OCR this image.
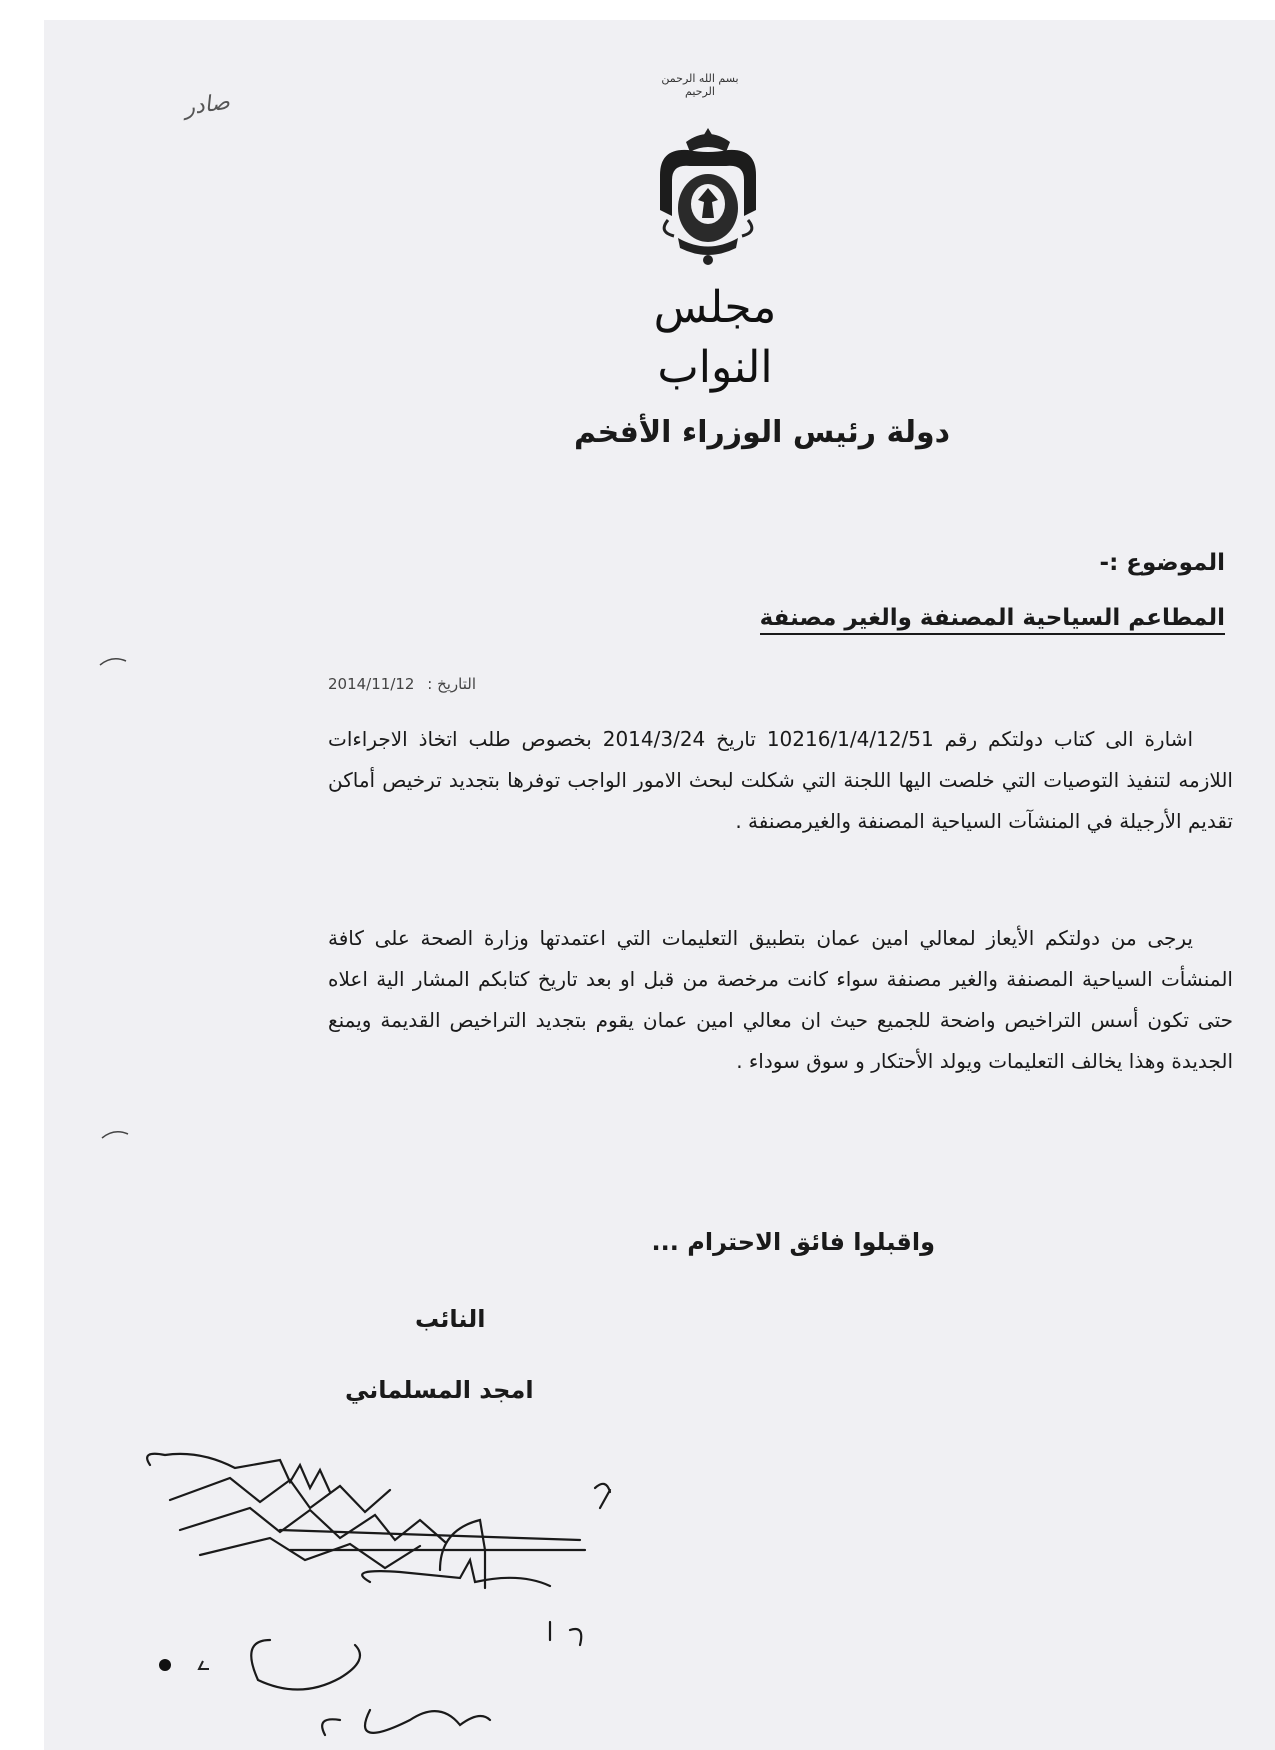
بسم الله الرحمن الرحيم
مجلس النواب
صادر
دولة رئيس الوزراء الأفخم
الموضوع :-
المطاعم السياحية المصنفة والغير مصنفة
التاريخ : 2014/11/12
اشارة الى كتاب دولتكم رقم 10216/1/4/12/51 تاريخ 2014/3/24 بخصوص طلب اتخاذ الاجراءات اللازمه لتنفيذ التوصيات التي خلصت اليها اللجنة التي شكلت لبحث الامور الواجب توفرها بتجديد ترخيص أماكن تقديم الأرجيلة في المنشآت السياحية المصنفة والغيرمصنفة .
يرجى من دولتكم الأيعاز لمعالي امين عمان بتطبيق التعليمات التي اعتمدتها وزارة الصحة على كافة المنشأت السياحية المصنفة والغير مصنفة سواء كانت مرخصة من قبل او بعد تاريخ كتابكم المشار الية اعلاه حتى تكون أسس التراخيص واضحة للجميع حيث ان معالي امين عمان يقوم بتجديد التراخيص القديمة ويمنع الجديدة وهذا يخالف التعليمات ويولد الأحتكار و سوق سوداء .
واقبلوا فائق الاحترام ...
النائب
امجد المسلماني
